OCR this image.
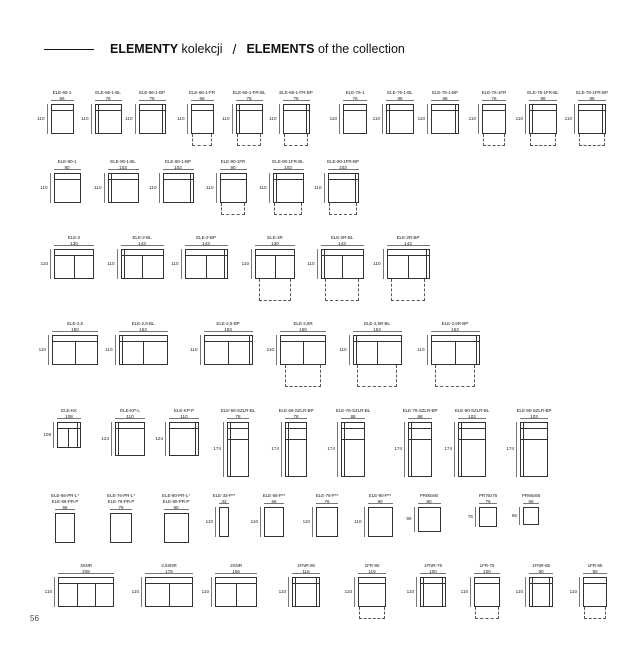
ELEMENTY kolekcji / ELEMENTS of the collection
ELE-66-1
66
110
ELE-66-1-BL
78
110
ELE-66-1-BP
78
110
ELE-66-1-FR
66
110
ELE-66-1-FR-BL
78
110
ELE-66-1-FR-BP
78
110
ELE-76-1
76
110
ELE-76-1-BL
88
110
ELE-76-1-BP
88
110
ELE-76-1FR
76
110
ELE-76-1FR-BL
88
110
ELE-76-1FR-BP
88
110
ELE-90-1
90
110
ELE-90-1-BL
103
110
ELE-90-1-BP
103
110
ELE-90-1FR
90
110
ELE-90-1FR-BL
103
110
ELE-90-1FR-BP
103
110
ELE-2
130
110
ELE-2-BL
143
110
ELE-2-BP
143
110
ELE-2R
130
110
ELE-2R-BL
143
110
ELE-2R-BP
143
110
ELE-2,5
150
110
ELE-2,5-BL
163
110
ELE-2,5-BP
163
110
ELE-2,5R
150
110
ELE-2,5R-BL
163
110
ELE-2,5R-BP
163
110
ELE-KK
108
108
ELE-KP-L
110
124
ELE-KP-P
110
124
ELE-66-SZLR-BL
78
174
ELE-66-SZLR-BP
78
174
ELE-76-SZLR-BL
88
174
ELE-76-SZLR-BP
88
174
ELE-90-SZLR-BL
103
174
ELE-90-SZLR-BP
103
174
ELE-66-PR-L*
ELE-66-PR-P
66
ELE-76-PR-L*
ELE-76-PR-P
76
ELE-90-PR-L*
ELE-90-PR-P
90
ELE-33-P**
33
110
ELE-66-P**
66
110
ELE-76-P**
76
110
ELE-90-P**
90
110
PR90x90
90
90
PR76x76
76
76
PR66x66
66
66
3SNR
208
110
2,5SNR
178
110
2SNR
156
110
1FNR-90
116
110
1FR-90
116
110
1FNR-75
100
110
1FR-75
100
110
1FNR-65
90
110
1FR-65
90
110
56
